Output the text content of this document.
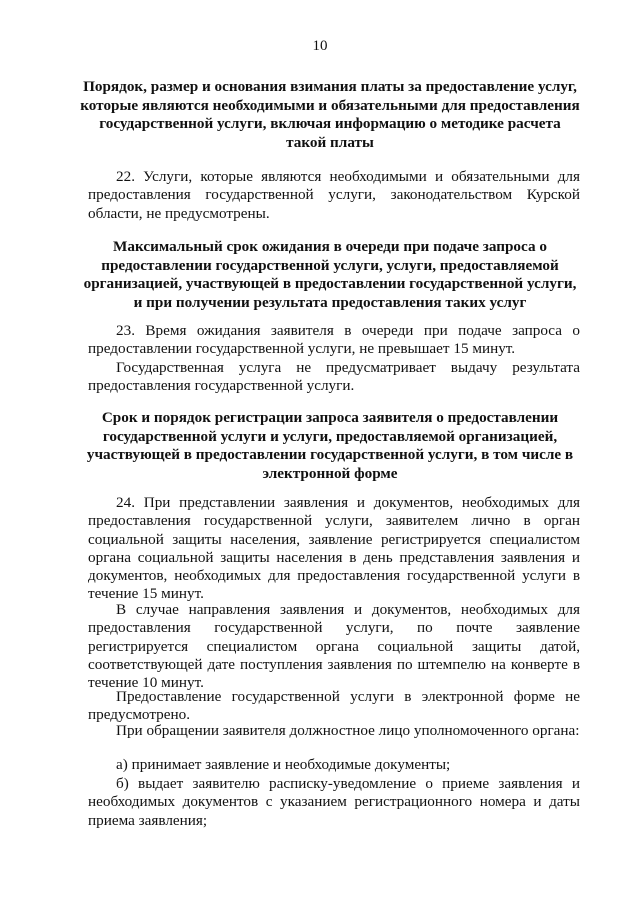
10
Порядок, размер и основания взимания платы за предоставление услуг, которые являются необходимыми и обязательными для предоставления государственной услуги, включая информацию о методике расчета такой платы

22. Услуги, которые являются необходимыми и обязательными для предоставления государственной услуги, законодательством Курской области, не предусмотрены.

Максимальный срок ожидания в очереди при подаче запроса о предоставлении государственной услуги, услуги, предоставляемой организацией, участвующей в предоставлении государственной услуги, и при получении результата предоставления таких услуг

23. Время ожидания заявителя в очереди при подаче запроса о предоставлении государственной услуги, не превышает 15 минут.

Государственная услуга не предусматривает выдачу результата предоставления государственной услуги.

Срок и порядок регистрации запроса заявителя о предоставлении государственной услуги и услуги, предоставляемой организацией, участвующей в предоставлении государственной услуги, в том числе в электронной форме

24. При представлении заявления и документов, необходимых для предоставления государственной услуги, заявителем лично в орган социальной защиты населения, заявление регистрируется специалистом органа социальной защиты населения в день представления заявления и документов, необходимых для предоставления государственной услуги в течение 15 минут.

В случае направления заявления и документов, необходимых для предоставления государственной услуги, по почте заявление регистрируется специалистом органа социальной защиты датой, соответствующей дате поступления заявления по штемпелю на конверте в течение 10 минут.

Предоставление государственной услуги в электронной форме не предусмотрено.

При обращении заявителя должностное лицо уполномоченного органа:

а) принимает заявление и необходимые документы;

б) выдает заявителю расписку-уведомление о приеме заявления и необходимых документов с указанием регистрационного номера и даты приема заявления;
